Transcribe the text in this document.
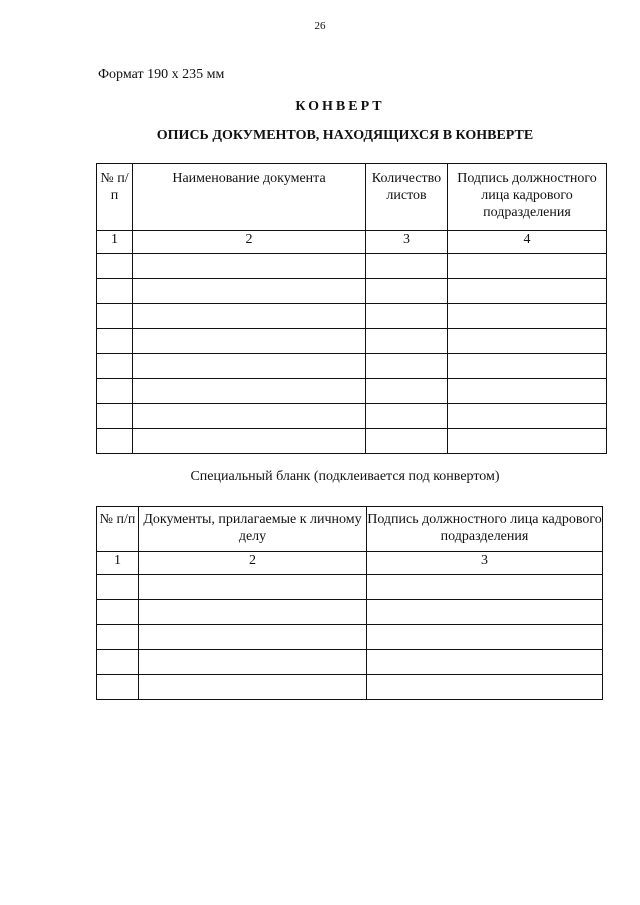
26
Формат 190 х 235 мм
КОНВЕРТ
ОПИСЬ ДОКУМЕНТОВ, НАХОДЯЩИХСЯ В КОНВЕРТЕ
№ п/п	Наименование документа	Количество листов	Подпись должностного лица кадрового подразделения
1	2	3	4

Специальный бланк (подклеивается под конвертом)
№ п/п	Документы, прилагаемые к личному делу	Подпись должностного лица кадрового подразделения
1	2	3
